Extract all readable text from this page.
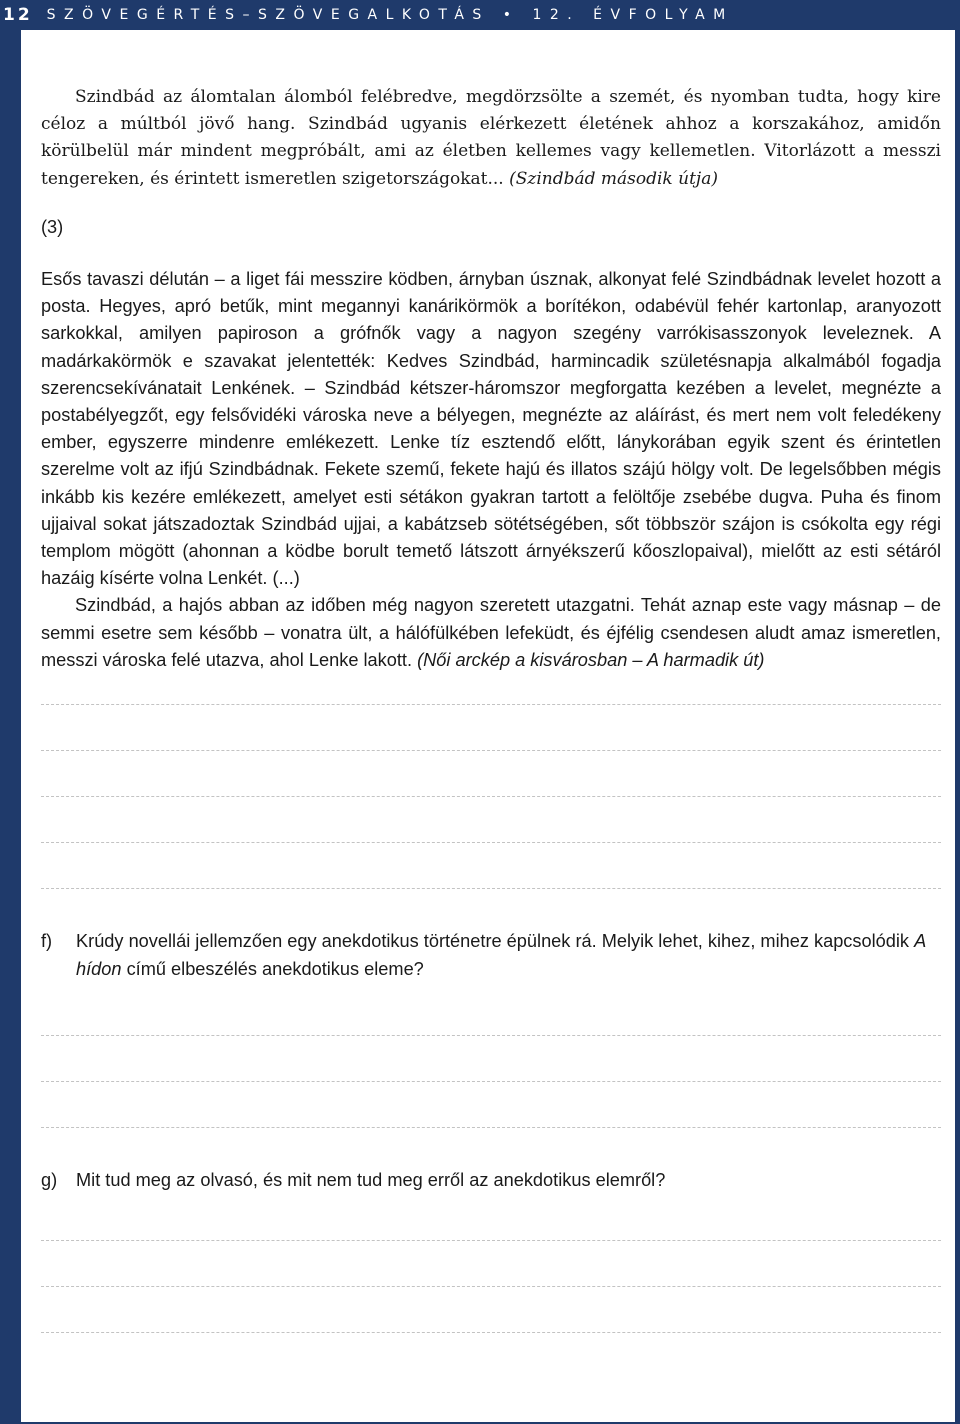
12 SZÖVEGÉRTÉS–SZÖVEGALKOTÁS • 12. ÉVFOLYAM

Szindbád az álomtalan álomból felébredve, megdörzsölte a szemét, és nyomban tudta, hogy kire céloz a múltból jövő hang. Szindbád ugyanis elérkezett életének ahhoz a korszakához, amidőn körülbelül már mindent megpróbált, ami az életben kellemes vagy kellemetlen. Vitorlázott a messzi tengereken, és érintett ismeretlen szigetországokat... (Szindbád második útja)

(3)

Esős tavaszi délután – a liget fái messzire ködben, árnyban úsznak, alkonyat felé Szindbádnak levelet hozott a posta. Hegyes, apró betűk, mint megannyi kanárikörmök a borítékon, odabévül fehér kartonlap, aranyozott sarkokkal, amilyen papiroson a grófnők vagy a nagyon szegény varrókisasszonyok leveleznek. A madárkakörmök e szavakat jelentették: Kedves Szindbád, harmincadik születésnapja alkalmából fogadja szerencsekívánatait Lenkének. – Szindbád kétszer-háromszor megforgatta kezében a levelet, megnézte a postabélyegzőt, egy felsővidéki városka neve a bélyegen, megnézte az aláírást, és mert nem volt feledékeny ember, egyszerre mindenre emlékezett. Lenke tíz esztendő előtt, lánykorában egyik szent és érintetlen szerelme volt az ifjú Szindbádnak. Fekete szemű, fekete hajú és illatos szájú hölgy volt. De legelsőbben mégis inkább kis kezére emlékezett, amelyet esti sétákon gyakran tartott a felöltője zsebébe dugva. Puha és finom ujjaival sokat játszadoztak Szindbád ujjai, a kabátzseb sötétségében, sőt többször szájon is csókolta egy régi templom mögött (ahonnan a ködbe borult temető látszott árnyékszerű kőoszlopaival), mielőtt az esti sétáról hazáig kísérte volna Lenkét. (...)

Szindbád, a hajós abban az időben még nagyon szeretett utazgatni. Tehát aznap este vagy másnap – de semmi esetre sem később – vonatra ült, a hálófülkében lefeküdt, és éjfélig csendesen aludt amaz ismeretlen, messzi városka felé utazva, ahol Lenke lakott. (Női arckép a kisvárosban – A harmadik út)

f)	Krúdy novellái jellemzően egy anekdotikus történetre épülnek rá. Melyik lehet, kihez, mihez kapcsolódik A hídon című elbeszélés anekdotikus eleme?
g)	Mit tud meg az olvasó, és mit nem tud meg erről az anekdotikus elemről?
